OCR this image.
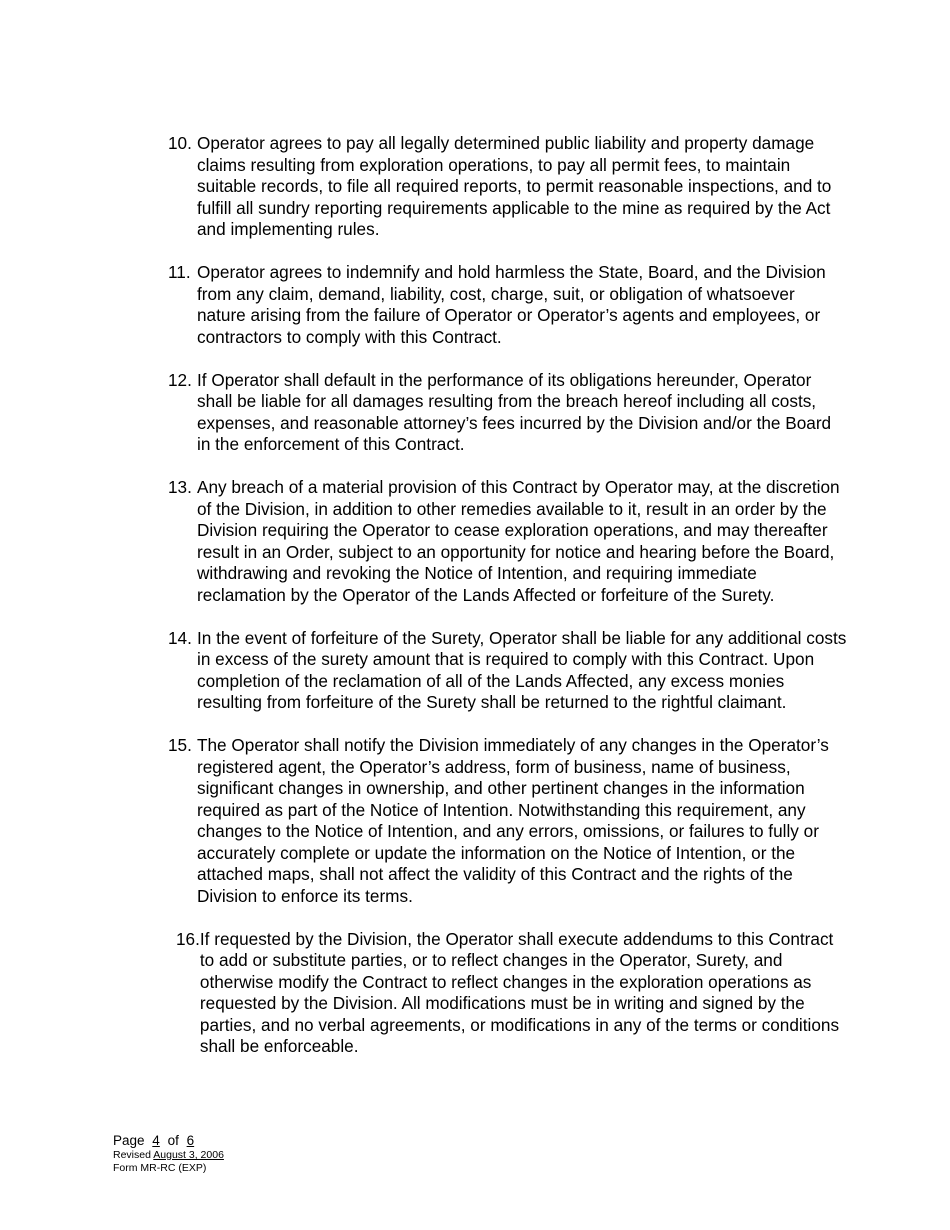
10. Operator agrees to pay all legally determined public liability and property damage claims resulting from exploration operations, to pay all permit fees, to maintain suitable records, to file all required reports, to permit reasonable inspections, and to fulfill all sundry reporting requirements applicable to the mine as required by the Act and implementing rules.
11. Operator agrees to indemnify and hold harmless the State, Board, and the Division from any claim, demand, liability, cost, charge, suit, or obligation of whatsoever nature arising from the failure of Operator or Operator’s agents and employees, or contractors to comply with this Contract.
12. If Operator shall default in the performance of its obligations hereunder, Operator shall be liable for all damages resulting from the breach hereof including all costs, expenses, and reasonable attorney’s fees incurred by the Division and/or the Board in the enforcement of this Contract.
13. Any breach of a material provision of this Contract by Operator may, at the discretion of the Division, in addition to other remedies available to it, result in an order by the Division requiring the Operator to cease exploration operations, and may thereafter result in an Order, subject to an opportunity for notice and hearing before the Board, withdrawing and revoking the Notice of Intention, and requiring immediate reclamation by the Operator of the Lands Affected or forfeiture of the Surety.
14. In the event of forfeiture of the Surety, Operator shall be liable for any additional costs in excess of the surety amount that is required to comply with this Contract. Upon completion of the reclamation of all of the Lands Affected, any excess monies resulting from forfeiture of the Surety shall be returned to the rightful claimant.
15. The Operator shall notify the Division immediately of any changes in the Operator’s registered agent, the Operator’s address, form of business, name of business, significant changes in ownership, and other pertinent changes in the information required as part of the Notice of Intention. Notwithstanding this requirement, any changes to the Notice of Intention, and any errors, omissions, or failures to fully or accurately complete or update the information on the Notice of Intention, or the attached maps, shall not affect the validity of this Contract and the rights of the Division to enforce its terms.
16. If requested by the Division, the Operator shall execute addendums to this Contract to add or substitute parties, or to reflect changes in the Operator, Surety, and otherwise modify the Contract to reflect changes in the exploration operations as requested by the Division. All modifications must be in writing and signed by the parties, and no verbal agreements, or modifications in any of the terms or conditions shall be enforceable.
Page 4 of 6
Revised August 3, 2006
Form MR-RC (EXP)
